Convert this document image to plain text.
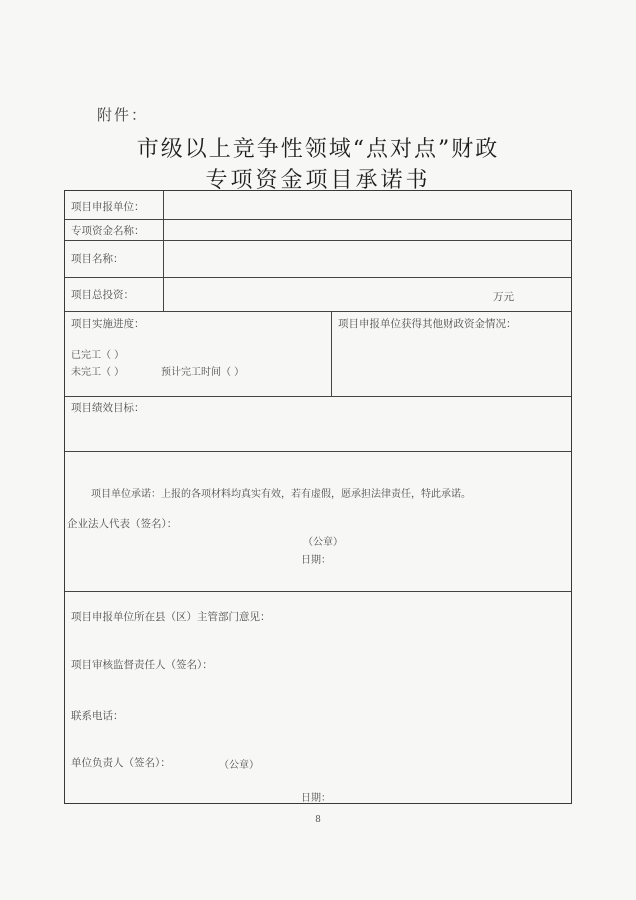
附件：
市级以上竞争性领域“点对点”财政
专项资金项目承诺书
项目申报单位：
专项资金名称：
项目名称：
项目总投资：	万元
项目实施进度：
已完工（ ）
未完工（ ）	预计完工时间（ ）
项目申报单位获得其他财政资金情况：
项目绩效目标：
项目单位承诺：上报的各项材料均真实有效，若有虚假，愿承担法律责任，特此承诺。
企业法人代表（签名）：
（公章）
日期：
项目申报单位所在县（区）主管部门意见：
项目审核监督责任人（签名）：
联系电话：
单位负责人（签名）：	（公章）
日期：
8
